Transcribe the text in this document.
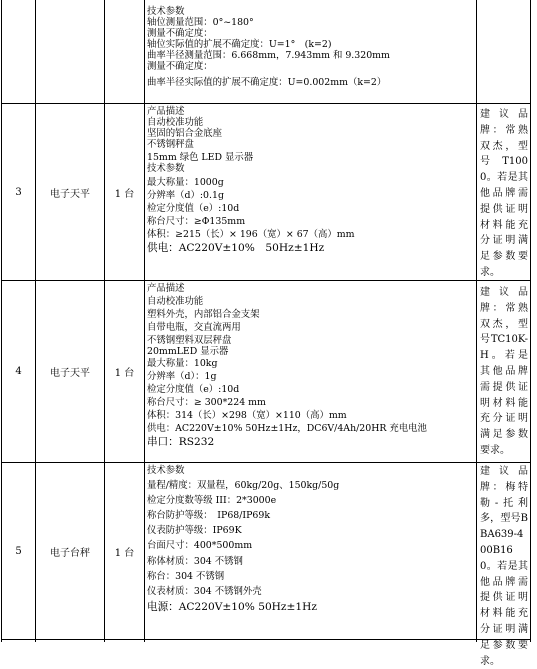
技术参数
轴位测量范围：0°~180°
测量不确定度：
轴位实际值的扩展不确定度：U=1°　(k=2)
曲率半径测量范围：6.668mm，7.943mm 和 9.320mm
测量不确定度：
曲率半径实际值的扩展不确定度：U=0.002mm（k=2）
3	电子天平	1 台
产品描述
自动校准功能
坚固的铝合金底座
不锈钢秤盘
15mm 绿色 LED 显示器
技术参数
最大称量：1000g
分辨率（d）:0.1g
检定分度值（e）:10d
称台尺寸：≥Φ135mm
体积：≥215（长）× 196（宽）× 67（高）mm
供电：AC220V±10%　50Hz±1Hz
建议品牌：常熟双杰，型号T1000。若是其他品牌需提供证明材料能充分证明满足参数要求。
4	电子天平	1 台
产品描述
自动校准功能
塑料外壳，内部铝合金支架
自带电瓶，交直流两用
不锈钢塑料双层秤盘
20mmLED 显示器
最大称量：10kg
分辨率（d）：1g
检定分度值（e）:10d
称台尺寸：≥ 300*224 mm
体积：314（长）×298（宽）×110（高）mm
供电：AC220V±10% 50Hz±1Hz，DC6V/4Ah/20HR 充电电池
串口：RS232
建议品牌：常熟双杰，型号TC10K-H。若是其他品牌需提供证明材料能充分证明满足参数要求。
5	电子台秤	1 台
技术参数
量程/精度：双量程，60kg/20g、150kg/50g
检定分度数等级 III：2*3000e
称台防护等级：　IP68/IP69k
仪表防护等级：IP69K
台面尺寸：400*500mm
称体材质：304 不锈钢
称台：304 不锈钢
仪表材质：304 不锈钢外壳
电源：AC220V±10% 50Hz±1Hz
建议品牌：梅特勒-托利多，型号BBA639-400B160。若是其他品牌需提供证明材料能充分证明满足参数要求。
